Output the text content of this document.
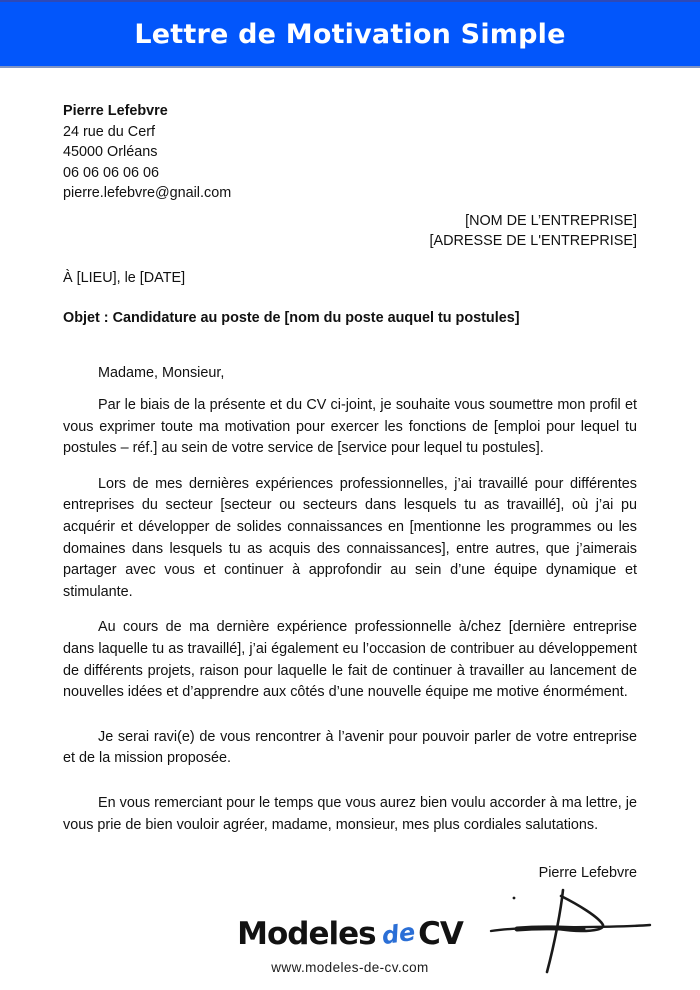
Lettre de Motivation Simple
Pierre Lefebvre
24 rue du Cerf
45000 Orléans
06 06 06 06 06
pierre.lefebvre@gnail.com
[NOM DE L’ENTREPRISE]
[ADRESSE DE L'ENTREPRISE]
À [LIEU], le [DATE]
Objet : Candidature au poste de [nom du poste auquel tu postules]
Madame, Monsieur,

Par le biais de la présente et du CV ci-joint, je souhaite vous soumettre mon profil et vous exprimer toute ma motivation pour exercer les fonctions de [emploi pour lequel tu postules – réf.] au sein de votre service de [service pour lequel tu postules].

Lors de mes dernières expériences professionnelles, j’ai travaillé pour différentes entreprises du secteur [secteur ou secteurs dans lesquels tu as travaillé], où j’ai pu acquérir et développer de solides connaissances en [mentionne les programmes ou les domaines dans lesquels tu as acquis des connaissances], entre autres, que j’aimerais partager avec vous et continuer à approfondir au sein d’une équipe dynamique et stimulante.

Au cours de ma dernière expérience professionnelle à/chez [dernière entreprise dans laquelle tu as travaillé], j’ai également eu l’occasion de contribuer au développement de différents projets, raison pour laquelle le fait de continuer à travailler au lancement de nouvelles idées et d’apprendre aux côtés d’une nouvelle équipe me motive énormément.

Je serai ravi(e) de vous rencontrer à l’avenir pour pouvoir parler de votre entreprise et de la mission proposée.

En vous remerciant pour le temps que vous aurez bien voulu accorder à ma lettre, je vous prie de bien vouloir agréer, madame, monsieur, mes plus cordiales salutations.

Pierre Lefebvre
Modeles de CV
www.modeles-de-cv.com
